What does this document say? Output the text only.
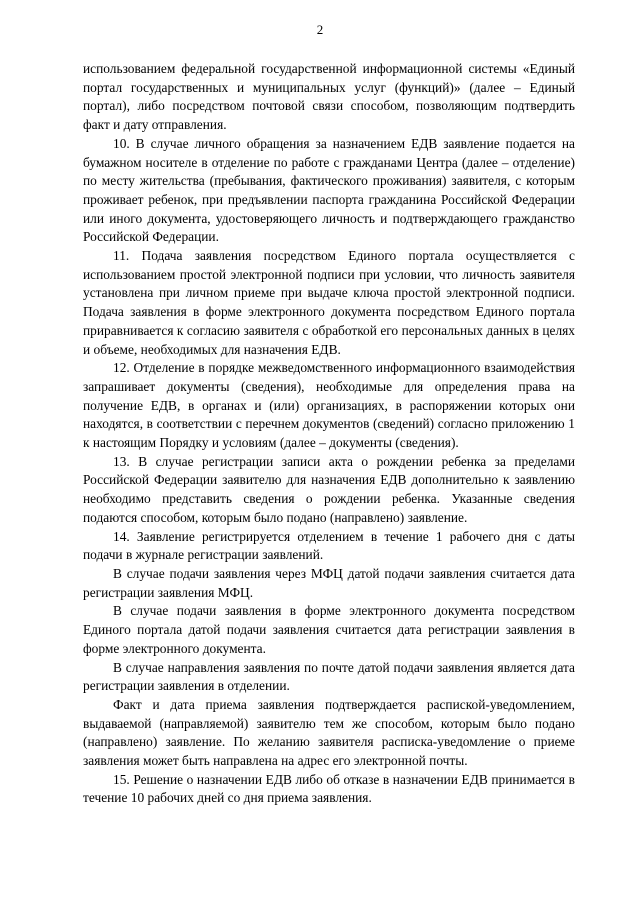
2

использованием федеральной государственной информационной системы «Единый портал государственных и муниципальных услуг (функций)» (далее – Единый портал), либо посредством почтовой связи способом, позволяющим подтвердить факт и дату отправления.

10. В случае личного обращения за назначением ЕДВ заявление подается на бумажном носителе в отделение по работе с гражданами Центра (далее – отделение) по месту жительства (пребывания, фактического проживания) заявителя, с которым проживает ребенок, при предъявлении паспорта гражданина Российской Федерации или иного документа, удостоверяющего личность и подтверждающего гражданство Российской Федерации.

11. Подача заявления посредством Единого портала осуществляется с использованием простой электронной подписи при условии, что личность заявителя установлена при личном приеме при выдаче ключа простой электронной подписи. Подача заявления в форме электронного документа посредством Единого портала приравнивается к согласию заявителя с обработкой его персональных данных в целях и объеме, необходимых для назначения ЕДВ.

12. Отделение в порядке межведомственного информационного взаимодействия запрашивает документы (сведения), необходимые для определения права на получение ЕДВ, в органах и (или) организациях, в распоряжении которых они находятся, в соответствии с перечнем документов (сведений) согласно приложению 1 к настоящим Порядку и условиям (далее – документы (сведения).

13. В случае регистрации записи акта о рождении ребенка за пределами Российской Федерации заявителю для назначения ЕДВ дополнительно к заявлению необходимо представить сведения о рождении ребенка. Указанные сведения подаются способом, которым было подано (направлено) заявление.

14. Заявление регистрируется отделением в течение 1 рабочего дня с даты подачи в журнале регистрации заявлений.

В случае подачи заявления через МФЦ датой подачи заявления считается дата регистрации заявления МФЦ.

В случае подачи заявления в форме электронного документа посредством Единого портала датой подачи заявления считается дата регистрации заявления в форме электронного документа.

В случае направления заявления по почте датой подачи заявления является дата регистрации заявления в отделении.

Факт и дата приема заявления подтверждается распиской-уведомлением, выдаваемой (направляемой) заявителю тем же способом, которым было подано (направлено) заявление. По желанию заявителя расписка-уведомление о приеме заявления может быть направлена на адрес его электронной почты.

15. Решение о назначении ЕДВ либо об отказе в назначении ЕДВ принимается в течение 10 рабочих дней со дня приема заявления.
